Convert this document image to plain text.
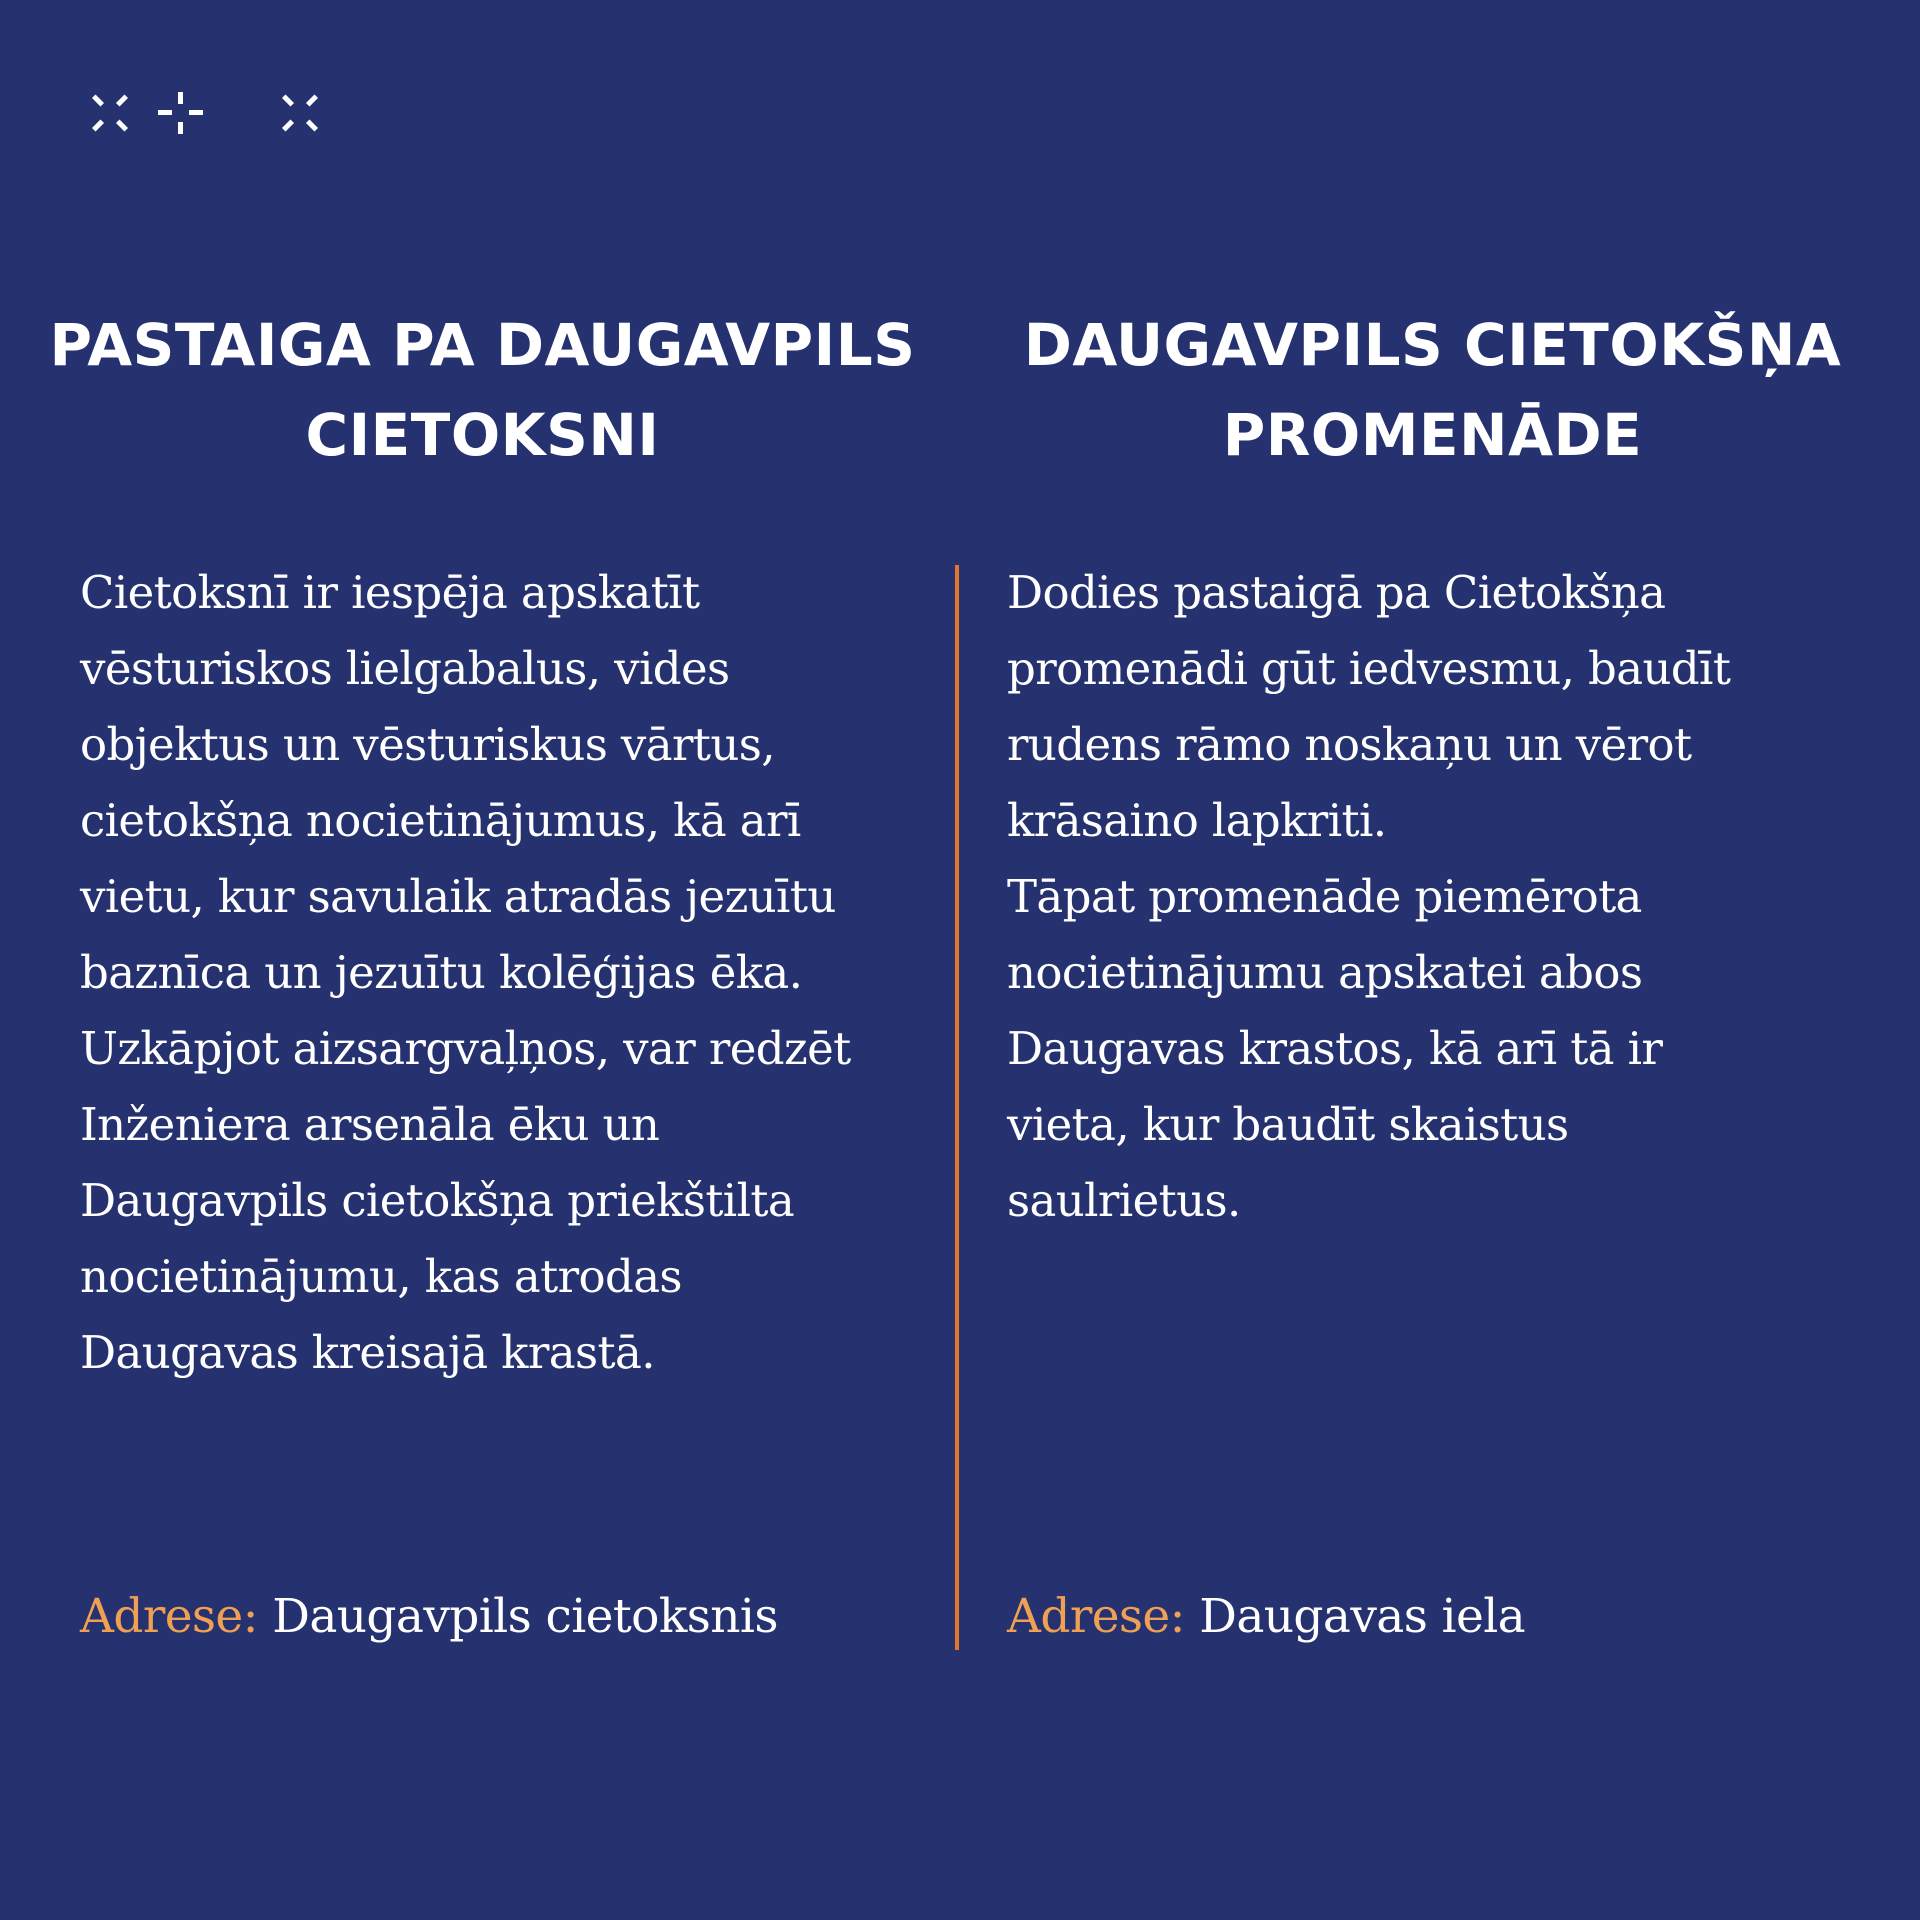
PASTAIGA PA DAUGAVPILS
CIETOKSNI
DAUGAVPILS CIETOKŠŅA
PROMENĀDE

Cietoksnī ir iespēja apskatīt
vēsturiskos lielgabalus, vides
objektus un vēsturiskus vārtus,
cietokšņa nocietinājumus, kā arī
vietu, kur savulaik atradās jezuītu
baznīca un jezuītu kolēģijas ēka.
Uzkāpjot aizsargvaļņos, var redzēt
Inženiera arsenāla ēku un
Daugavpils cietokšņa priekštilta
nocietinājumu, kas atrodas
Daugavas kreisajā krastā.

Dodies pastaigā pa Cietokšņa
promenādi gūt iedvesmu, baudīt
rudens rāmo noskaņu un vērot
krāsaino lapkriti.
Tāpat promenāde piemērota
nocietinājumu apskatei abos
Daugavas krastos, kā arī tā ir
vieta, kur baudīt skaistus
saulrietus.

Adrese: Daugavpils cietoksnis	Adrese: Daugavas iela
